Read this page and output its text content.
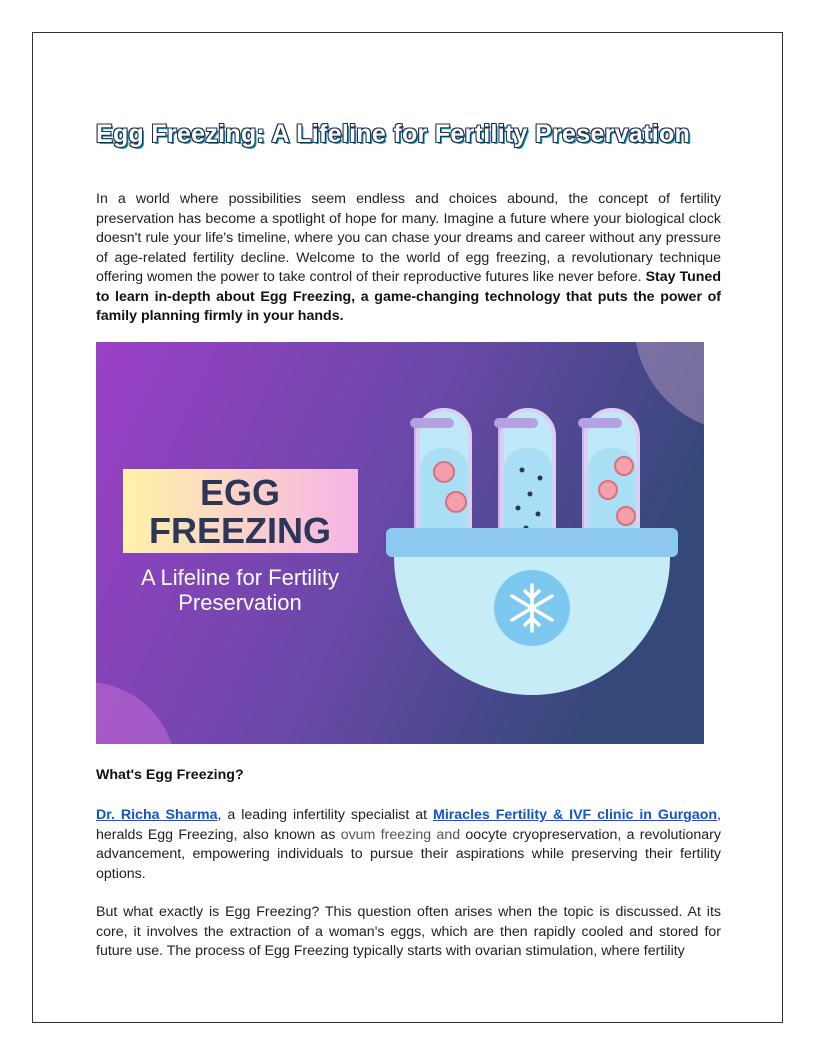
Egg Freezing: A Lifeline for Fertility Preservation

In a world where possibilities seem endless and choices abound, the concept of fertility preservation has become a spotlight of hope for many. Imagine a future where your biological clock doesn't rule your life's timeline, where you can chase your dreams and career without any pressure of age-related fertility decline. Welcome to the world of egg freezing, a revolutionary technique offering women the power to take control of their reproductive futures like never before. Stay Tuned to learn in-depth about Egg Freezing, a game-changing technology that puts the power of family planning firmly in your hands.

EGG
FREEZING
A Lifeline for Fertility
Preservation
What's Egg Freezing?

Dr. Richa Sharma, a leading infertility specialist at Miracles Fertility & IVF clinic in Gurgaon, heralds Egg Freezing, also known as ovum freezing and oocyte cryopreservation, a revolutionary advancement, empowering individuals to pursue their aspirations while preserving their fertility options.

But what exactly is Egg Freezing? This question often arises when the topic is discussed. At its core, it involves the extraction of a woman's eggs, which are then rapidly cooled and stored for future use. The process of Egg Freezing typically starts with ovarian stimulation, where fertility
